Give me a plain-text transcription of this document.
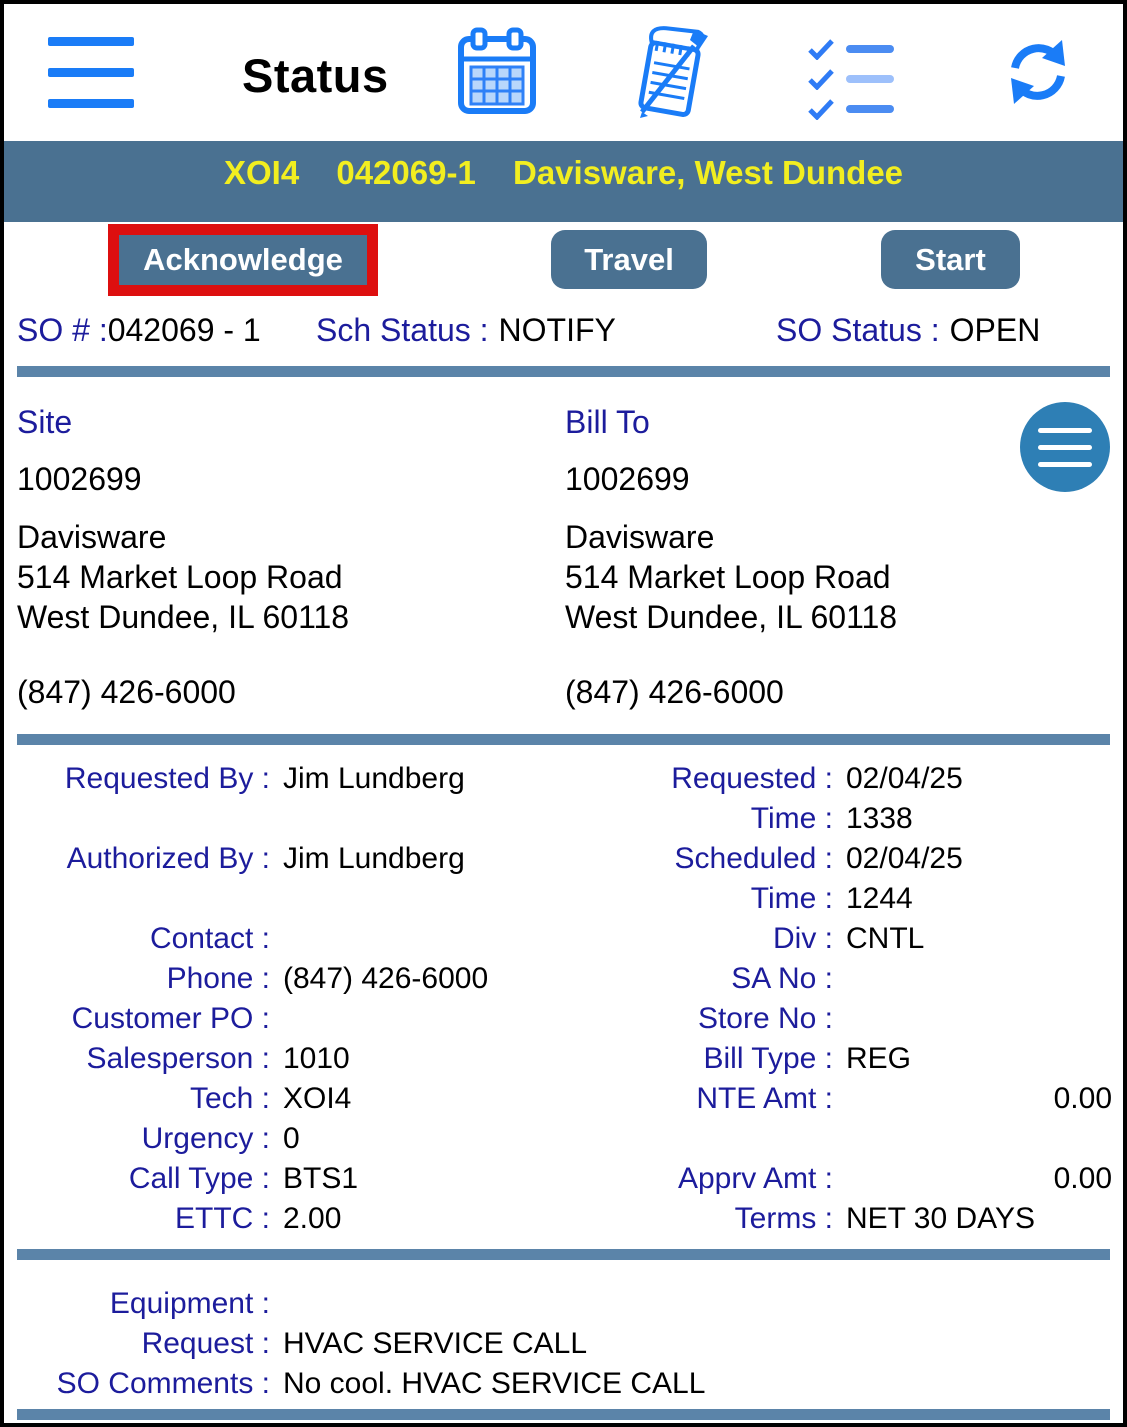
Status
XOI4 042069-1 Davisware, West Dundee
Acknowledge	Travel	Start
SO # :042069 - 1 Sch Status : NOTIFY	SO Status : OPEN
Site
1002699
Davisware
514 Market Loop Road
West Dundee, IL 60118
(847) 426-6000
Bill To
1002699
Davisware
514 Market Loop Road
West Dundee, IL 60118
(847) 426-6000
Requested By : Jim Lundberg	Requested : 02/04/25
Time : 1338
Authorized By : Jim Lundberg	Scheduled : 02/04/25
Time : 1244
Contact :	Div : CNTL
Phone : (847) 426-6000	SA No :
Customer PO :	Store No :
Salesperson : 1010	Bill Type : REG
Tech : XOI4	NTE Amt :	0.00
Urgency : 0
Call Type : BTS1	Apprv Amt :	0.00
ETTC : 2.00	Terms : NET 30 DAYS
Equipment :
Request : HVAC SERVICE CALL
SO Comments : No cool. HVAC SERVICE CALL
